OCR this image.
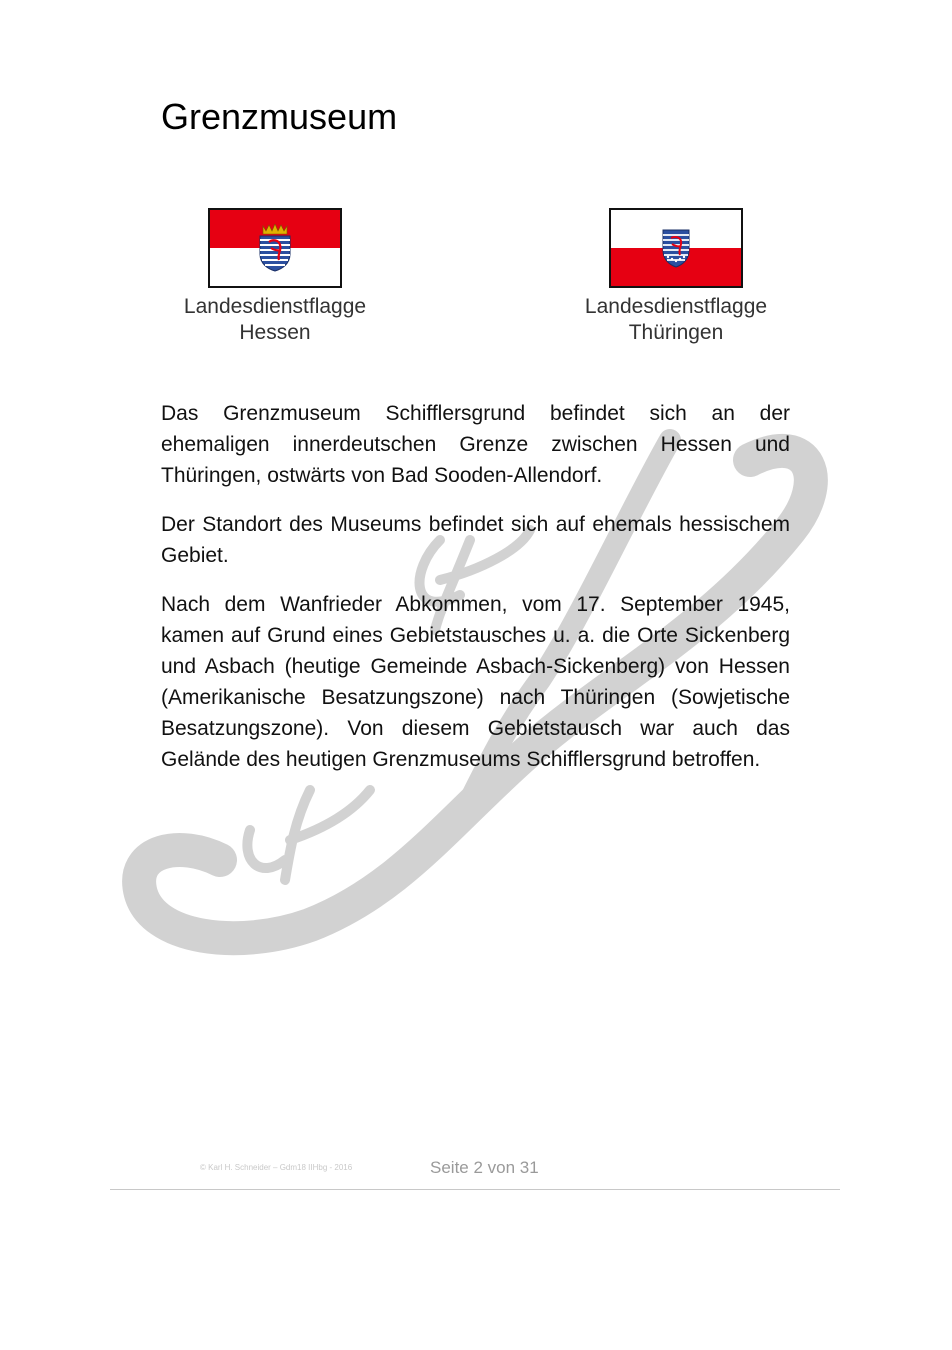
Grenzmuseum
Landesdienstflagge
Hessen
Landesdienstflagge
Thüringen

Das Grenzmuseum Schifflersgrund befindet sich an der ehemaligen innerdeutschen Grenze zwischen Hessen und Thüringen, ostwärts von Bad Sooden-Allendorf.

Der Standort des Museums befindet sich auf ehemals hessischem Gebiet.

Nach dem Wanfrieder Abkommen, vom 17. September 1945, kamen auf Grund eines Gebietstausches u. a. die Orte Sickenberg und Asbach (heutige Gemeinde Asbach-Sickenberg) von Hessen (Amerikanische Besatzungszone) nach Thüringen (Sowjetische Besatzungszone). Von diesem Gebietstausch war auch das Gelände des heutigen Grenzmuseums Schifflersgrund betroffen.

© Karl H. Schneider – Gdm18 IIHbg - 2016	Seite 2 von 31
